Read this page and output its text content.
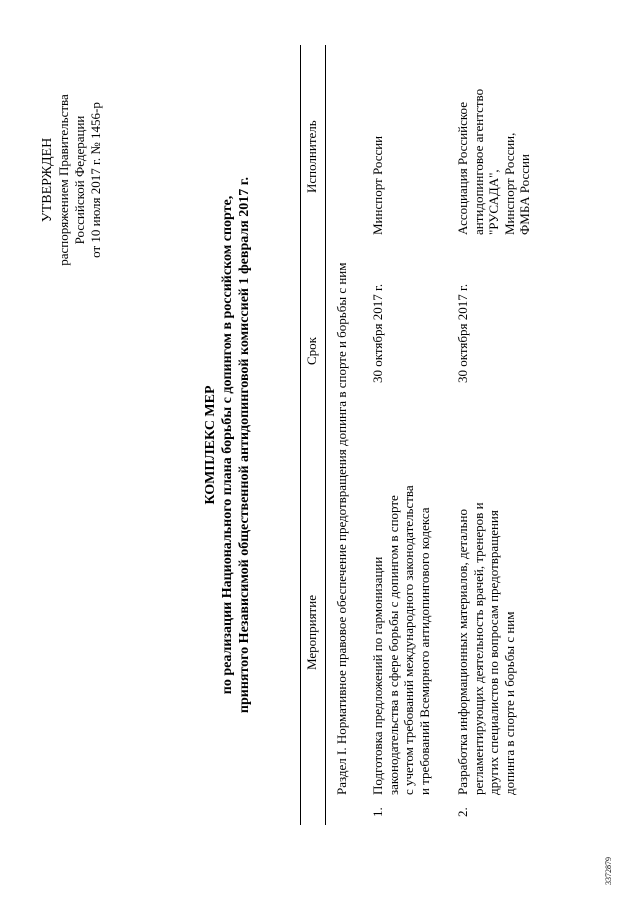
УТВЕРЖДЕН распоряжением Правительства Российской Федерации от 10 июля 2017 г. № 1456-р
КОМПЛЕКС МЕР по реализации Национального плана борьбы с допингом в российском спорте, принятого Независимой общественной антидопинговой комиссией 1 февраля 2017 г.	Мероприятие
Срок
Исполнитель
Раздел I. Нормативное правовое обеспечение предотвращения допинга в спорте и борьбы с ним
1.
Подготовка предложений по гармонизации законодательства в сфере борьбы с допингом в спорте с учетом требований международного законодательства и требований Всемирного антидопингового кодекса
30 октября 2017 г.
Минспорт России
2.
Разработка информационных материалов, детально регламентирующих деятельность врачей, тренеров и других специалистов по вопросам предотвращения допинга в спорте и борьбы с ним
30 октября 2017 г.
Ассоциация Российское антидопинговое агентство "РУСАДА", Минспорт России, ФМБА России
3372879
